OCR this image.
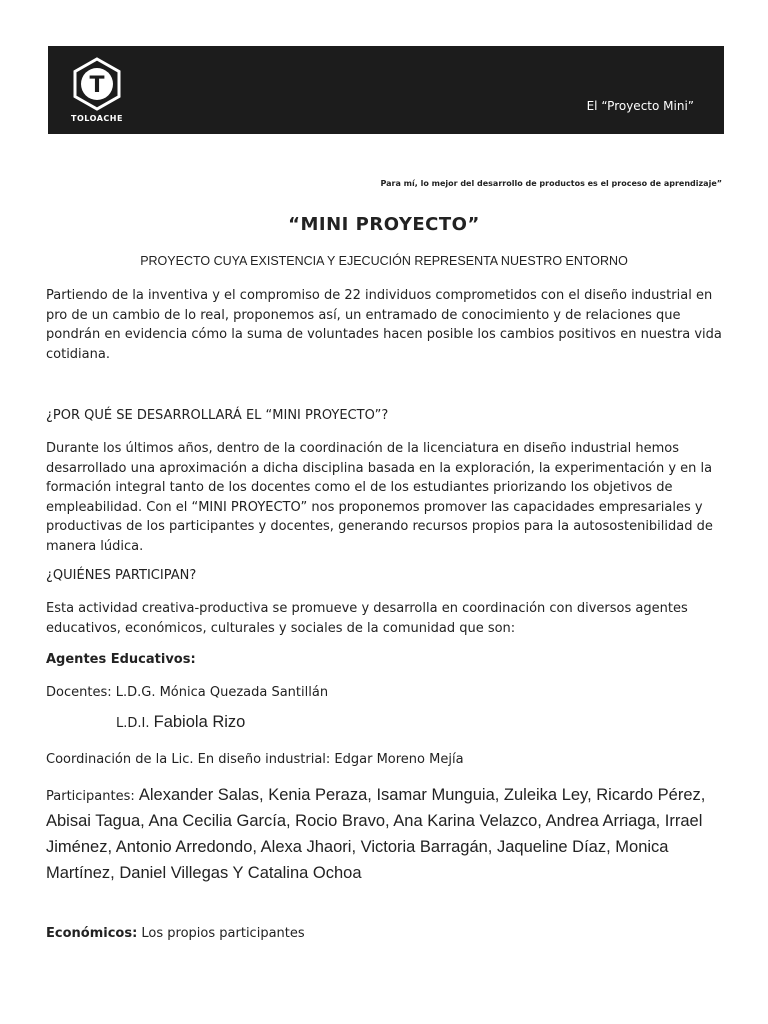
T
TOLOACHE
El “Proyecto Mini”
Para mí, lo mejor del desarrollo de productos es el proceso de aprendizaje”
“MINI PROYECTO”
PROYECTO CUYA EXISTENCIA Y EJECUCIÓN REPRESENTA NUESTRO ENTORNO

Partiendo de la inventiva y el compromiso de 22 individuos comprometidos con el diseño industrial en pro de un cambio de lo real, proponemos así, un entramado de conocimiento y de relaciones que pondrán en evidencia cómo la suma de voluntades hacen posible los cambios positivos en nuestra vida cotidiana.

¿POR QUÉ SE DESARROLLARÁ EL “MINI PROYECTO”?

Durante los últimos años, dentro de la coordinación de la licenciatura en diseño industrial hemos desarrollado una aproximación a dicha disciplina basada en la exploración, la experimentación y en la formación integral tanto de los docentes como el de los estudiantes priorizando los objetivos de empleabilidad. Con el “MINI PROYECTO” nos proponemos promover las capacidades empresariales y productivas de los participantes y docentes, generando recursos propios para la autosostenibilidad de manera lúdica.

¿QUIÉNES PARTICIPAN?

Esta actividad creativa-productiva se promueve y desarrolla en coordinación con diversos agentes educativos, económicos, culturales y sociales de la comunidad que son:

Agentes Educativos:

Docentes: L.D.G. Mónica Quezada Santillán

L.D.I. Fabiola Rizo

Coordinación de la Lic. En diseño industrial: Edgar Moreno Mejía

Participantes: Alexander Salas, Kenia Peraza, Isamar Munguia, Zuleika Ley, Ricardo Pérez, Abisai Tagua, Ana Cecilia García, Rocio Bravo, Ana Karina Velazco, Andrea Arriaga, Irrael Jiménez, Antonio Arredondo, Alexa Jhaori, Victoria Barragán, Jaqueline Díaz, Monica Martínez, Daniel Villegas Y Catalina Ochoa

Económicos: Los propios participantes
